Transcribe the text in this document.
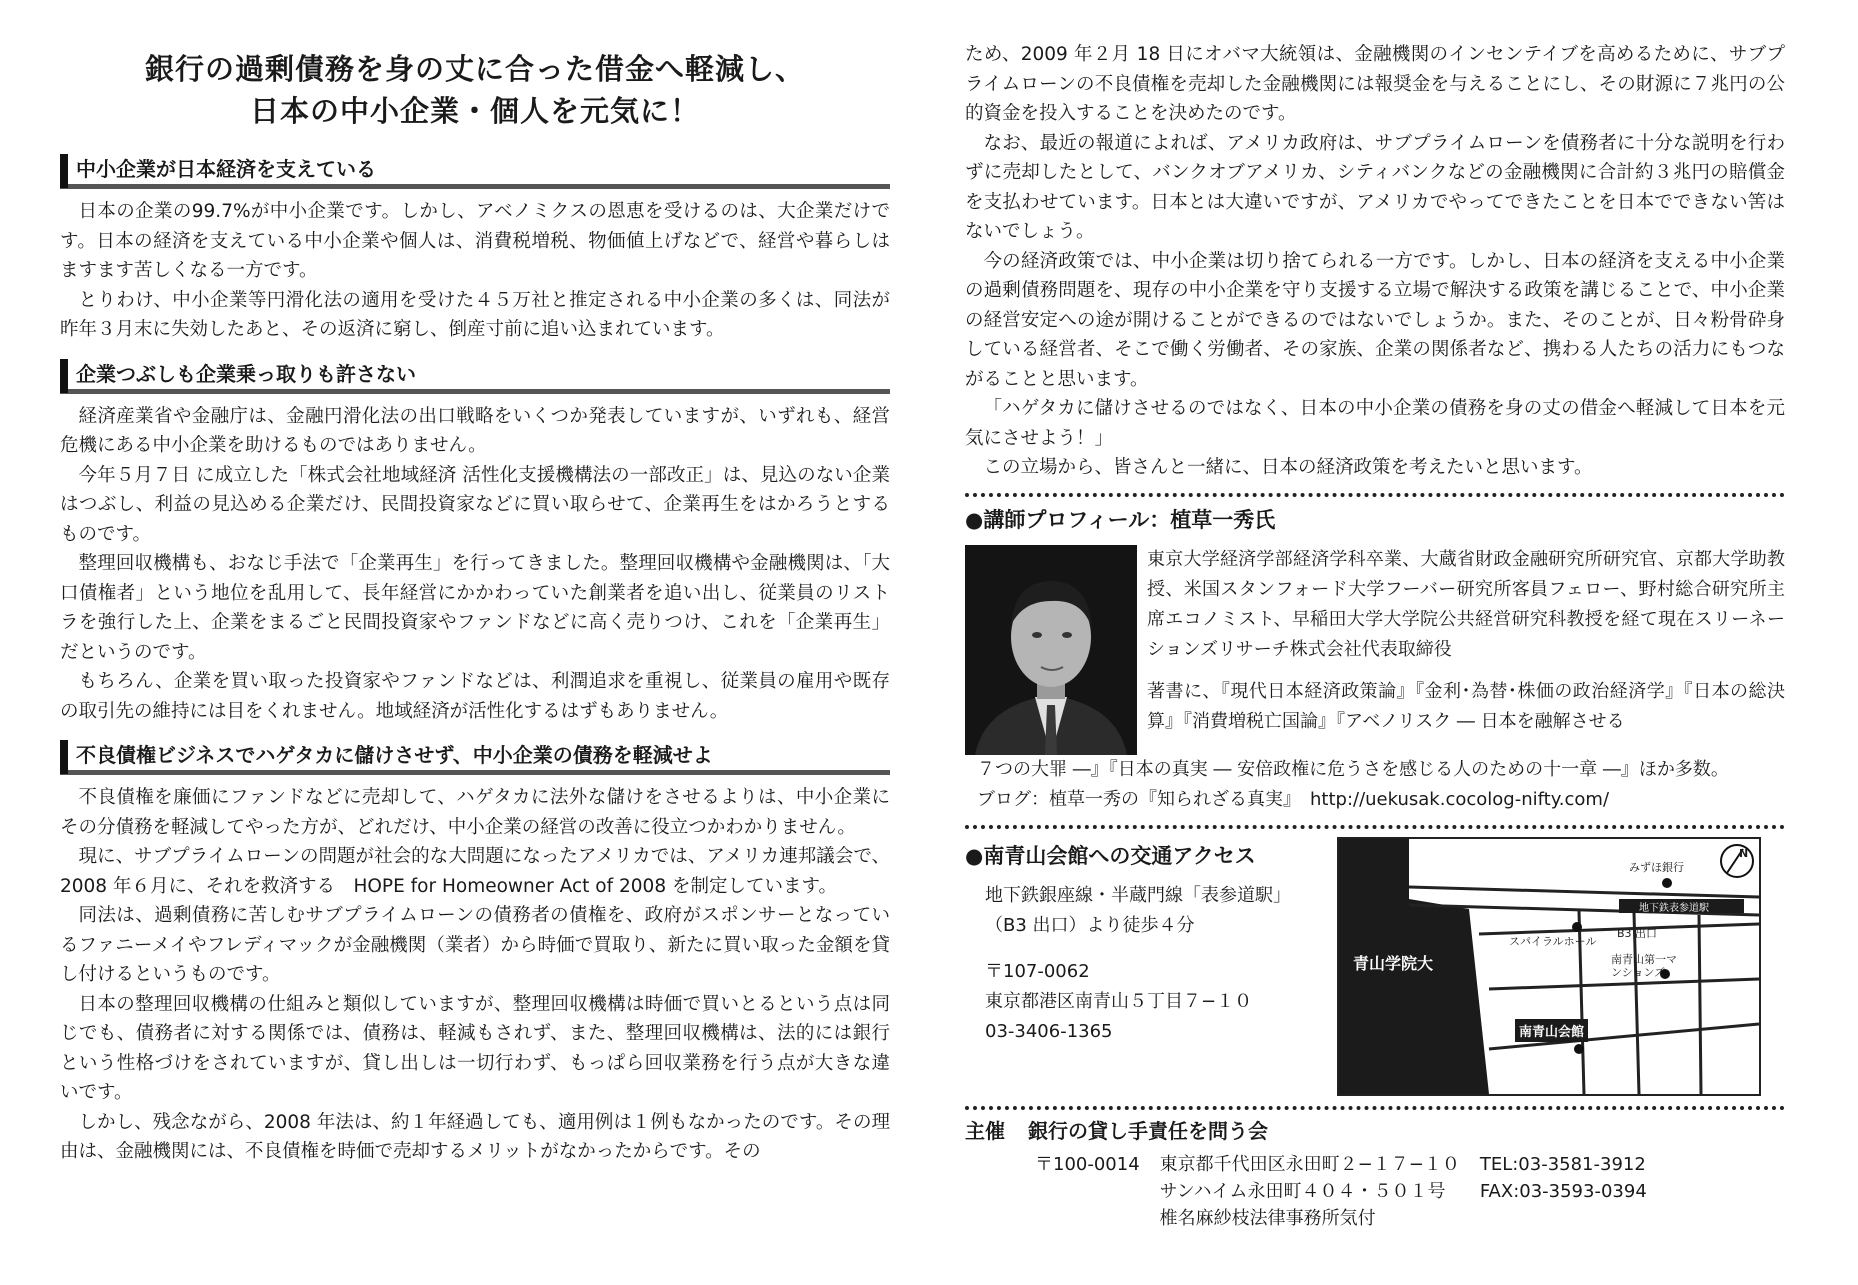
銀行の過剰債務を身の丈に合った借金へ軽減し、
日本の中小企業・個人を元気に！
中小企業が日本経済を支えている

日本の企業の99.7%が中小企業です。しかし、アベノミクスの恩恵を受けるのは、大企業だけです。日本の経済を支えている中小企業や個人は、消費税増税、物価値上げなどで、経営や暮らしはますます苦しくなる一方です。

とりわけ、中小企業等円滑化法の適用を受けた４５万社と推定される中小企業の多くは、同法が昨年３月末に失効したあと、その返済に窮し、倒産寸前に追い込まれています。

企業つぶしも企業乗っ取りも許さない

経済産業省や金融庁は、金融円滑化法の出口戦略をいくつか発表していますが、いずれも、経営危機にある中小企業を助けるものではありません。

今年５月７日 に成立した「株式会社地域経済 活性化支援機構法の一部改正」は、見込のない企業はつぶし、利益の見込める企業だけ、民間投資家などに買い取らせて、企業再生をはかろうとするものです。

整理回収機構も、おなじ手法で「企業再生」を行ってきました。整理回収機構や金融機関は、「大口債権者」という地位を乱用して、長年経営にかかわっていた創業者を追い出し、従業員のリストラを強行した上、企業をまるごと民間投資家やファンドなどに高く売りつけ、これを「企業再生」だというのです。

もちろん、企業を買い取った投資家やファンドなどは、利潤追求を重視し、従業員の雇用や既存の取引先の維持には目をくれません。地域経済が活性化するはずもありません。

不良債権ビジネスでハゲタカに儲けさせず、中小企業の債務を軽減せよ

不良債権を廉価にファンドなどに売却して、ハゲタカに法外な儲けをさせるよりは、中小企業にその分債務を軽減してやった方が、どれだけ、中小企業の経営の改善に役立つかわかりません。

現に、サブプライムローンの問題が社会的な大問題になったアメリカでは、アメリカ連邦議会で、2008 年６月に、それを救済する　HOPE for Homeowner Act of 2008 を制定しています。

同法は、過剰債務に苦しむサブプライムローンの債務者の債権を、政府がスポンサーとなっているファニーメイやフレディマックが金融機関（業者）から時価で買取り、新たに買い取った金額を貸し付けるというものです。

日本の整理回収機構の仕組みと類似していますが、整理回収機構は時価で買いとるという点は同じでも、債務者に対する関係では、債務は、軽減もされず、また、整理回収機構は、法的には銀行という性格づけをされていますが、貸し出しは一切行わず、もっぱら回収業務を行う点が大きな違いです。

しかし、残念ながら、2008 年法は、約１年経過しても、適用例は１例もなかったのです。その理由は、金融機関には、不良債権を時価で売却するメリットがなかったからです。その

ため、2009 年２月 18 日にオバマ大統領は、金融機関のインセンテイブを高めるために、サブプライムローンの不良債権を売却した金融機関には報奨金を与えることにし、その財源に７兆円の公的資金を投入することを決めたのです。

なお、最近の報道によれば、アメリカ政府は、サブプライムローンを債務者に十分な説明を行わずに売却したとして、バンクオブアメリカ、シティバンクなどの金融機関に合計約３兆円の賠償金を支払わせています。日本とは大違いですが、アメリカでやってできたことを日本でできない筈はないでしょう。

今の経済政策では、中小企業は切り捨てられる一方です。しかし、日本の経済を支える中小企業の過剰債務問題を、現存の中小企業を守り支援する立場で解決する政策を講じることで、中小企業の経営安定への途が開けることができるのではないでしょうか。また、そのことが、日々粉骨砕身している経営者、そこで働く労働者、その家族、企業の関係者など、携わる人たちの活力にもつながることと思います。

「ハゲタカに儲けさせるのではなく、日本の中小企業の債務を身の丈の借金へ軽減して日本を元気にさせよう！」

この立場から、皆さんと一緒に、日本の経済政策を考えたいと思います。

●講師プロフィール：植草一秀氏

東京大学経済学部経済学科卒業、大蔵省財政金融研究所研究官、京都大学助教授、米国スタンフォード大学フーバー研究所客員フェロー、野村総合研究所主席エコノミスト、早稲田大学大学院公共経営研究科教授を経て現在スリーネーションズリサーチ株式会社代表取締役

著書に、『現代日本経済政策論』『金利･為替･株価の政治経済学』『日本の総決算』『消費増税亡国論』『アベノリスク ― 日本を融解させる

７つの大罪 ―』『日本の真実 ― 安倍政権に危うさを感じる人のための十一章 ―』ほか多数。

ブログ：植草一秀の『知られざる真実』　http://uekusak.cocolog-nifty.com/

●南青山会館への交通アクセス

地下鉄銀座線・半蔵門線「表参道駅」

（B3 出口）より徒歩４分

〒107-0062

東京都港区南青山５丁目７−１０

03-3406-1365

みずほ銀行
地下鉄表参道駅
スパイラルホール
B3 出口
青山学院大	南青山第一マンションズ
南青山会館
N
主催 銀行の貸し手責任を問う会
〒100-0014 東京都千代田区永田町２−１７−１０
サンハイム永田町４０４・５０１号
椎名麻紗枝法律事務所気付
TEL:03-3581-3912
FAX:03-3593-0394
